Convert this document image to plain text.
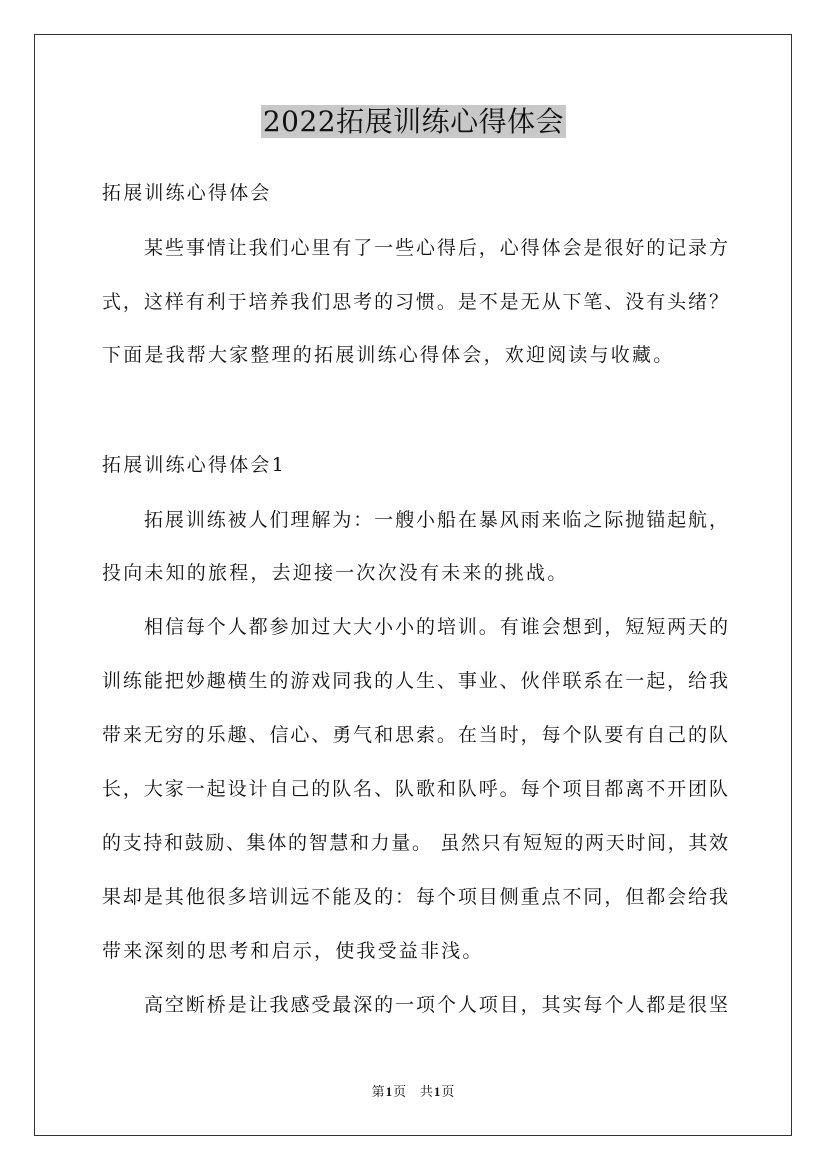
2022拓展训练心得体会
拓展训练心得体会
某些事情让我们心里有了一些心得后，心得体会是很好的记录方
式，这样有利于培养我们思考的习惯。是不是无从下笔、没有头绪？
下面是我帮大家整理的拓展训练心得体会，欢迎阅读与收藏。
拓展训练心得体会1
拓展训练被人们理解为：一艘小船在暴风雨来临之际抛锚起航，
投向未知的旅程，去迎接一次次没有未来的挑战。
相信每个人都参加过大大小小的培训。有谁会想到，短短两天的
训练能把妙趣横生的游戏同我的人生、事业、伙伴联系在一起，给我
带来无穷的乐趣、信心、勇气和思索。在当时，每个队要有自己的队
长，大家一起设计自己的队名、队歌和队呼。每个项目都离不开团队
的支持和鼓励、集体的智慧和力量。 虽然只有短短的两天时间，其效
果却是其他很多培训远不能及的：每个项目侧重点不同，但都会给我
带来深刻的思考和启示，使我受益非浅。
高空断桥是让我感受最深的一项个人项目，其实每个人都是很坚
第1页 共1页
